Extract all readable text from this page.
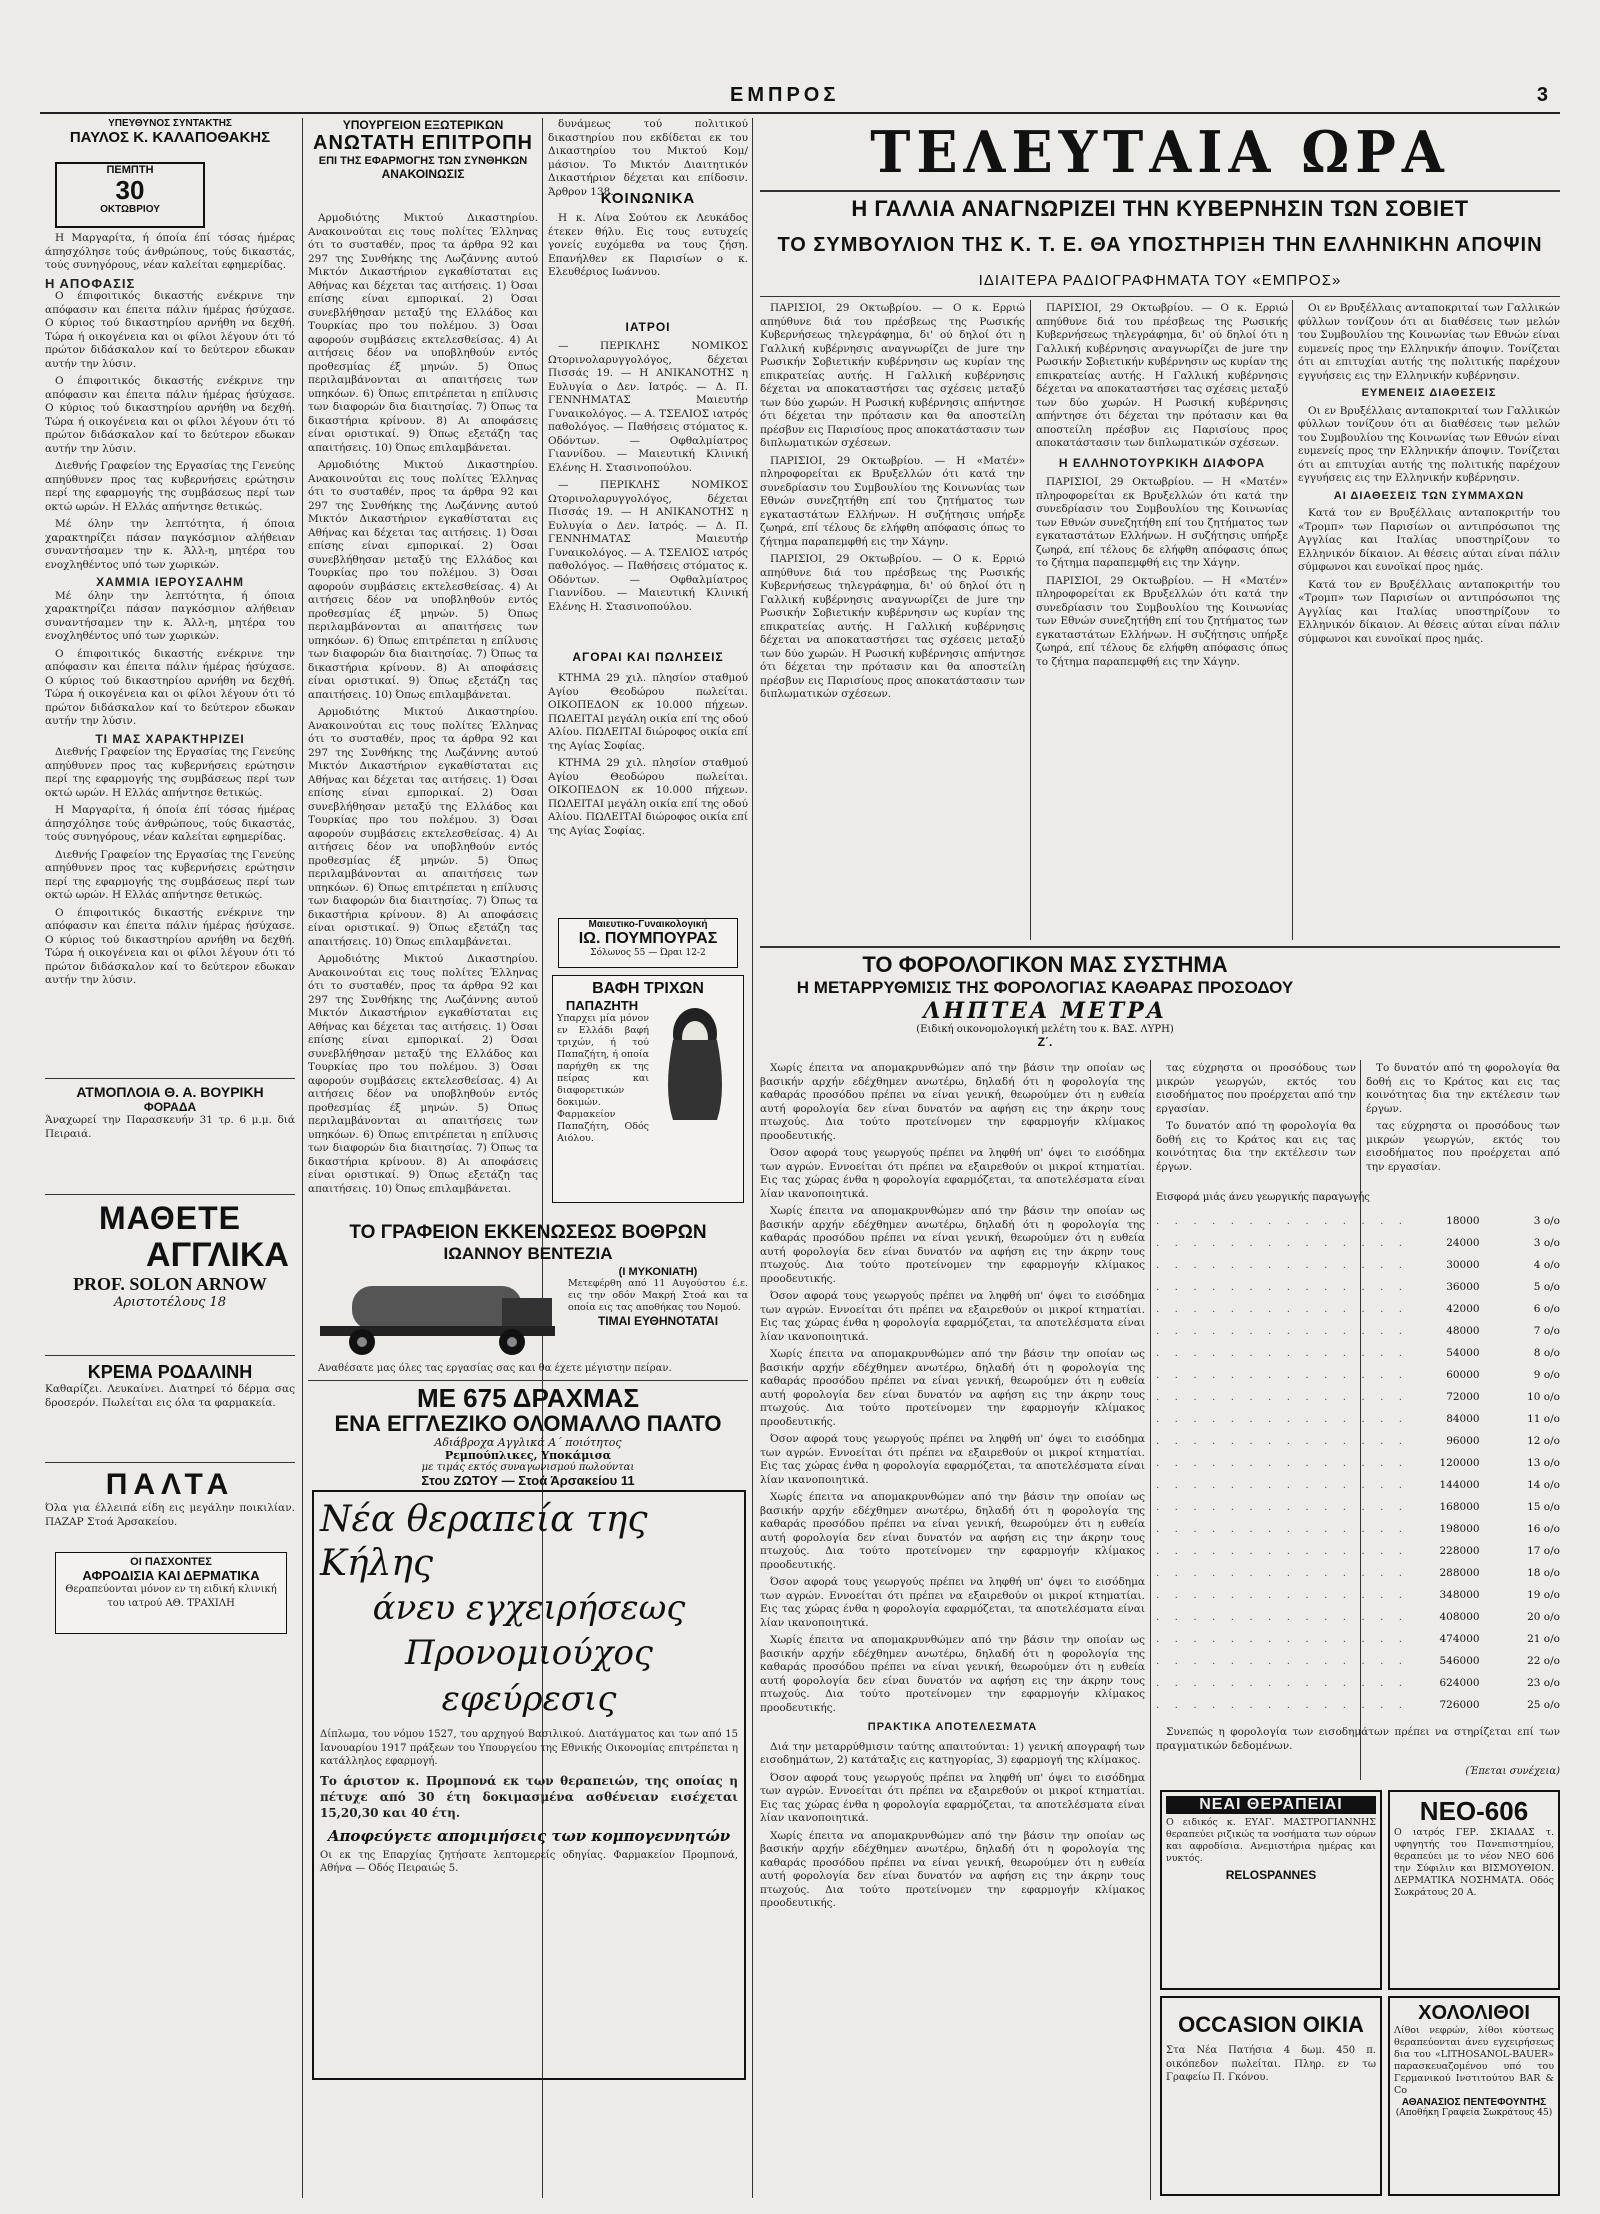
ΕΜΠΡΟΣ	3
ΥΠΕΥΘΥΝΟΣ ΣΥΝΤΑΚΤΗΣ
ΠΑΥΛΟΣ Κ. ΚΑΛΑΠΟΘΑΚΗΣ
ΠΕΜΠΤΗ
30
ΟΚΤΩΒΡΙΟΥ

Η Μαργαρίτα, ή όποία έπί τόσας ήμέρας άπησχόλησε τούς άνθρώπους, τούς δικαστάς, τούς συνηγόρους, νέαν καλείται εφημερίδας.

Η ΑΠΟΦΑΣΙΣ

Ο έπιφοιτικός δικαστής ενέκρινε την απόφασιν και έπειτα πάλιν ήμέρας ήσύχασε. Ο κύριος τού δικαστηρίου αρνήθη να δεχθή. Τώρα ή οικογένεια και οι φίλοι λέγουν ότι τό πρώτον διδάσκαλον καί το δεύτερον εδωκαν αυτήν την λύσιν.

Ο έπιφοιτικός δικαστής ενέκρινε την απόφασιν και έπειτα πάλιν ήμέρας ήσύχασε. Ο κύριος τού δικαστηρίου αρνήθη να δεχθή. Τώρα ή οικογένεια και οι φίλοι λέγουν ότι τό πρώτον διδάσκαλον καί το δεύτερον εδωκαν αυτήν την λύσιν.

Διεθνής Γραφείον της Εργασίας της Γενεύης απηύθυνεν προς τας κυβερνήσεις ερώτησιν περί της εφαρμογής της συμβάσεως περί των οκτώ ωρών. Η Ελλάς απήντησε θετικώς.

Μέ όλην την λεπτότητα, ή όποια χαρακτηρίζει πάσαν παγκόσμιον αλήθειαν συναντήσαμεν την κ. Άλλ-η, μητέρα του ενοχληθέντος υπό των χωρικών.

ΧΑΜΜΙΑ ΙΕΡΟΥΣΑΛΗΜ

Μέ όλην την λεπτότητα, ή όποια χαρακτηρίζει πάσαν παγκόσμιον αλήθειαν συναντήσαμεν την κ. Άλλ-η, μητέρα του ενοχληθέντος υπό των χωρικών.

Ο έπιφοιτικός δικαστής ενέκρινε την απόφασιν και έπειτα πάλιν ήμέρας ήσύχασε. Ο κύριος τού δικαστηρίου αρνήθη να δεχθή. Τώρα ή οικογένεια και οι φίλοι λέγουν ότι τό πρώτον διδάσκαλον καί το δεύτερον εδωκαν αυτήν την λύσιν.

ΤΙ ΜΑΣ ΧΑΡΑΚΤΗΡΙΖΕΙ

Διεθνής Γραφείον της Εργασίας της Γενεύης απηύθυνεν προς τας κυβερνήσεις ερώτησιν περί της εφαρμογής της συμβάσεως περί των οκτώ ωρών. Η Ελλάς απήντησε θετικώς.

Η Μαργαρίτα, ή όποία έπί τόσας ήμέρας άπησχόλησε τούς άνθρώπους, τούς δικαστάς, τούς συνηγόρους, νέαν καλείται εφημερίδας.

Διεθνής Γραφείον της Εργασίας της Γενεύης απηύθυνεν προς τας κυβερνήσεις ερώτησιν περί της εφαρμογής της συμβάσεως περί των οκτώ ωρών. Η Ελλάς απήντησε θετικώς.

Ο έπιφοιτικός δικαστής ενέκρινε την απόφασιν και έπειτα πάλιν ήμέρας ήσύχασε. Ο κύριος τού δικαστηρίου αρνήθη να δεχθή. Τώρα ή οικογένεια και οι φίλοι λέγουν ότι τό πρώτον διδάσκαλον καί το δεύτερον εδωκαν αυτήν την λύσιν.

ΑΤΜΟΠΛΟΙΑ Θ. Α. ΒΟΥΡΙΚΗ
ΦΟΡΑΔΑ
Άναχωρεί την Παρασκευήν 31 τρ. 6 μ.μ. διά Πειραιά.
ΜΑΘΕΤΕ
ΑΓΓΛΙΚΑ
PROF. SOLON ARNOW
Αριστοτέλους 18
ΚΡΕΜΑ ΡΟΔΑΛΙΝΗ
Καθαρίζει. Λευκαίνει. Διατηρεί τό δέρμα σας δροσερόν. Πωλείται εις όλα τα φαρμακεία.
ΠΑΛΤΑ
Όλα για έλλειπά είδη εις μεγάλην ποικιλίαν. ΠΑΖΑΡ Στοά Άρσακείου.
ΟΙ ΠΑΣΧΟΝΤΕΣ
ΑΦΡΟΔΙΣΙΑ ΚΑΙ ΔΕΡΜΑΤΙΚΑ
Θεραπεύονται μόνον εν τη ειδική κλινική του ιατρού ΑΘ. ΤΡΑΧΙΛΗ
ΥΠΟΥΡΓΕΙΟΝ ΕΞΩΤΕΡΙΚΩΝ
ΑΝΩΤΑΤΗ ΕΠΙΤΡΟΠΗ
ΕΠΙ ΤΗΣ ΕΦΑΡΜΟΓΗΣ ΤΩΝ ΣΥΝΘΗΚΩΝ
ΑΝΑΚΟΙΝΩΣΙΣ

Αρμοδιότης Μικτού Δικαστηρίου. Ανακοινούται εις τους πολίτες Έλληνας ότι το συσταθέν, προς τα άρθρα 92 και 297 της Συνθήκης της Λωζάννης αυτού Μικτόν Δικαστήριον εγκαθίσταται εις Αθήνας και δέχεται τας αιτήσεις. 1) Όσαι επίσης είναι εμπορικαί. 2) Όσαι συνεβλήθησαν μεταξύ της Ελλάδος και Τουρκίας προ του πολέμου. 3) Όσαι αφορούν συμβάσεις εκτελεσθείσας. 4) Αι αιτήσεις δέον να υποβληθούν εντός προθεσμίας έξ μηνών. 5) Όπως περιλαμβάνονται αι απαιτήσεις των υπηκόων. 6) Όπως επιτρέπεται η επίλυσις των διαφορών δια διαιτησίας. 7) Όπως τα δικαστήρια κρίνουν. 8) Αι αποφάσεις είναι οριστικαί. 9) Όπως εξετάζη τας απαιτήσεις. 10) Όπως επιλαμβάνεται.

Αρμοδιότης Μικτού Δικαστηρίου. Ανακοινούται εις τους πολίτες Έλληνας ότι το συσταθέν, προς τα άρθρα 92 και 297 της Συνθήκης της Λωζάννης αυτού Μικτόν Δικαστήριον εγκαθίσταται εις Αθήνας και δέχεται τας αιτήσεις. 1) Όσαι επίσης είναι εμπορικαί. 2) Όσαι συνεβλήθησαν μεταξύ της Ελλάδος και Τουρκίας προ του πολέμου. 3) Όσαι αφορούν συμβάσεις εκτελεσθείσας. 4) Αι αιτήσεις δέον να υποβληθούν εντός προθεσμίας έξ μηνών. 5) Όπως περιλαμβάνονται αι απαιτήσεις των υπηκόων. 6) Όπως επιτρέπεται η επίλυσις των διαφορών δια διαιτησίας. 7) Όπως τα δικαστήρια κρίνουν. 8) Αι αποφάσεις είναι οριστικαί. 9) Όπως εξετάζη τας απαιτήσεις. 10) Όπως επιλαμβάνεται.

Αρμοδιότης Μικτού Δικαστηρίου. Ανακοινούται εις τους πολίτες Έλληνας ότι το συσταθέν, προς τα άρθρα 92 και 297 της Συνθήκης της Λωζάννης αυτού Μικτόν Δικαστήριον εγκαθίσταται εις Αθήνας και δέχεται τας αιτήσεις. 1) Όσαι επίσης είναι εμπορικαί. 2) Όσαι συνεβλήθησαν μεταξύ της Ελλάδος και Τουρκίας προ του πολέμου. 3) Όσαι αφορούν συμβάσεις εκτελεσθείσας. 4) Αι αιτήσεις δέον να υποβληθούν εντός προθεσμίας έξ μηνών. 5) Όπως περιλαμβάνονται αι απαιτήσεις των υπηκόων. 6) Όπως επιτρέπεται η επίλυσις των διαφορών δια διαιτησίας. 7) Όπως τα δικαστήρια κρίνουν. 8) Αι αποφάσεις είναι οριστικαί. 9) Όπως εξετάζη τας απαιτήσεις. 10) Όπως επιλαμβάνεται.

Αρμοδιότης Μικτού Δικαστηρίου. Ανακοινούται εις τους πολίτες Έλληνας ότι το συσταθέν, προς τα άρθρα 92 και 297 της Συνθήκης της Λωζάννης αυτού Μικτόν Δικαστήριον εγκαθίσταται εις Αθήνας και δέχεται τας αιτήσεις. 1) Όσαι επίσης είναι εμπορικαί. 2) Όσαι συνεβλήθησαν μεταξύ της Ελλάδος και Τουρκίας προ του πολέμου. 3) Όσαι αφορούν συμβάσεις εκτελεσθείσας. 4) Αι αιτήσεις δέον να υποβληθούν εντός προθεσμίας έξ μηνών. 5) Όπως περιλαμβάνονται αι απαιτήσεις των υπηκόων. 6) Όπως επιτρέπεται η επίλυσις των διαφορών δια διαιτησίας. 7) Όπως τα δικαστήρια κρίνουν. 8) Αι αποφάσεις είναι οριστικαί. 9) Όπως εξετάζη τας απαιτήσεις. 10) Όπως επιλαμβάνεται.

δυνάμεως τού πολιτικού δικαστηρίου που εκδίδεται εκ του Δικαστηρίου του Μικτού Κομ/μάσιον. Το Μικτόν Διαιτητικόν Δικαστήριον δέχεται και επίδοσιν. Άρθρον 138.

ΚΟΙΝΩΝΙΚΑ

Η κ. Λίνα Σούτου εκ Λευκάδος έτεκεν θήλυ. Εις τους ευτυχείς γονείς ευχόμεθα να τους ζήση. Επανήλθεν εκ Παρισίων ο κ. Ελευθέριος Ιωάννου.

ΙΑΤΡΟΙ

— ΠΕΡΙΚΛΗΣ ΝΟΜΙΚΟΣ Ωτορινολαρυγγολόγος, δέχεται Πισσάς 19. — Η ΑΝΙΚΑΝΟΤΗΣ η Ευλυγία ο Δεν. Ιατρός. — Δ. Π. ΓΕΝΝΗΜΑΤΑΣ Μαιευτήρ Γυναικολόγος. — Α. ΤΣΕΛΙΟΣ ιατρός παθολόγος. — Παθήσεις στόματος κ. Οδόντων. — Οφθαλμίατρος Γιαννίδου. — Μαιευτική Κλινική Ελένης Η. Στασινοπούλου.

— ΠΕΡΙΚΛΗΣ ΝΟΜΙΚΟΣ Ωτορινολαρυγγολόγος, δέχεται Πισσάς 19. — Η ΑΝΙΚΑΝΟΤΗΣ η Ευλυγία ο Δεν. Ιατρός. — Δ. Π. ΓΕΝΝΗΜΑΤΑΣ Μαιευτήρ Γυναικολόγος. — Α. ΤΣΕΛΙΟΣ ιατρός παθολόγος. — Παθήσεις στόματος κ. Οδόντων. — Οφθαλμίατρος Γιαννίδου. — Μαιευτική Κλινική Ελένης Η. Στασινοπούλου.

ΑΓΟΡΑΙ ΚΑΙ ΠΩΛΗΣΕΙΣ

ΚΤΗΜΑ 29 χιλ. πλησίον σταθμού Αγίου Θεοδώρου πωλείται. ΟΙΚΟΠΕΔΟΝ εκ 10.000 πήχεων. ΠΩΛΕΙΤΑΙ μεγάλη οικία επί της οδού Αλίου. ΠΩΛΕΙΤΑΙ διώροφος οικία επί της Αγίας Σοφίας.

ΚΤΗΜΑ 29 χιλ. πλησίον σταθμού Αγίου Θεοδώρου πωλείται. ΟΙΚΟΠΕΔΟΝ εκ 10.000 πήχεων. ΠΩΛΕΙΤΑΙ μεγάλη οικία επί της οδού Αλίου. ΠΩΛΕΙΤΑΙ διώροφος οικία επί της Αγίας Σοφίας.

Μαιευτικο-Γυναικολογική
ΙΩ. ΠΟΥΜΠΟΥΡΑΣ
Σόλωνος 55 — Ώραι 12-2
ΒΑΦΗ ΤΡΙΧΩΝ
ΠΑΠΑΖΗΤΗ
Υπαρχει μία μόνον εν Ελλάδι βαφή τριχών, ή τού Παπαζήτη, ή οποία παρήχθη εκ της πείρας και διαφορετικών δοκιμών. Φαρμακείον Παπαζήτη, Οδός Αιόλου.
ΤΟ ΓΡΑΦΕΙΟΝ ΕΚΚΕΝΩΣΕΩΣ ΒΟΘΡΩΝ
ΙΩΑΝΝΟΥ ΒΕΝΤΕΖΙΑ
(Ι ΜΥΚΟΝΙΑΤΗ)
Μετεφέρθη από 11 Αυγούστου έ.ε. εις την οδόν Μακρή Στοά και τα οποία εις τας αποθήκας του Νομού.
ΤΙΜΑΙ ΕΥΘΗΝΟΤΑΤΑΙ
Αναθέσατε μας όλες τας εργασίας σας και θα έχετε μέγιστην πείραν.
ΜΕ 675 ΔΡΑΧΜΑΣ
ΕΝΑ ΕΓΓΛΕΖΙΚΟ ΟΛΟΜΑΛΛΟ ΠΑΛΤΟ
Αδιάβροχα Αγγλικά Α΄ ποιότητος
Ρεμπούπλικες, Υποκάμισα
με τιμάς εκτός συναγωνισμού πωλούνται
Στου ΖΩΤΟΥ — Στοά Άρσακείου 11
Νέα θεραπεία της Κήλης
άνευ εγχειρήσεως
Προνομιούχος εφεύρεσις
Δίπλωμα, του νόμου 1527, του αρχηγού Βασιλικού. Διατάγματος και των από 15 Ιανουαρίου 1917 πράξεων του Υπουργείου της Εθνικής Οικονομίας επιτρέπεται η κατάλληλος εφαρμογή.
Το άριστον κ. Προμπονά εκ των θεραπειών, της οποίας η πέτυχε από 30 έτη δοκιμασμένα ασθένειαν εισέχεται 15,20,30 και 40 έτη.
Αποφεύγετε απομιμήσεις των κομπογεννητών
Οι εκ της Επαρχίας ζητήσατε λεπτομερείς οδηγίας. Φαρμακείον Προμπονά, Αθήνα — Οδός Πειραιώς 5.
ΤΕΛΕΥΤΑΙΑ ΩΡΑ
Η ΓΑΛΛΙΑ ΑΝΑΓΝΩΡΙΖΕΙ ΤΗΝ ΚΥΒΕΡΝΗΣΙΝ ΤΩΝ ΣΟΒΙΕΤ
ΤΟ ΣΥΜΒΟΥΛΙΟΝ ΤΗΣ Κ. Τ. Ε. ΘΑ ΥΠΟΣΤΗΡΙΞΗ ΤΗΝ ΕΛΛΗΝΙΚΗΝ ΑΠΟΨΙΝ
ΙΔΙΑΙΤΕΡΑ ΡΑΔΙΟΓΡΑΦΗΜΑΤΑ ΤΟΥ «ΕΜΠΡΟΣ»

ΠΑΡΙΣΙΟΙ, 29 Οκτωβρίου. — Ο κ. Ερριώ απηύθυνε διά του πρέσβεως της Ρωσικής Κυβερνήσεως τηλεγράφημα, δι' ού δηλοί ότι η Γαλλική κυβέρνησις αναγνωρίζει de jure την Ρωσικήν Σοβιετικήν κυβέρνησιν ως κυρίαν της επικρατείας αυτής. Η Γαλλική κυβέρνησις δέχεται να αποκαταστήσει τας σχέσεις μεταξύ των δύο χωρών. Η Ρωσική κυβέρνησις απήντησε ότι δέχεται την πρότασιν και θα αποστείλη πρέσβυν εις Παρισίους προς αποκατάστασιν των διπλωματικών σχέσεων.

ΠΑΡΙΣΙΟΙ, 29 Οκτωβρίου. — Η «Ματέν» πληροφορείται εκ Βρυξελλών ότι κατά την συνεδρίασιν του Συμβουλίου της Κοινωνίας των Εθνών συνεζητήθη επί του ζητήματος των εγκαταστάτων Ελλήνων. Η συζήτησις υπήρξε ζωηρά, επί τέλους δε ελήφθη απόφασις όπως το ζήτημα παραπεμφθή εις την Χάγην.

ΠΑΡΙΣΙΟΙ, 29 Οκτωβρίου. — Ο κ. Ερριώ απηύθυνε διά του πρέσβεως της Ρωσικής Κυβερνήσεως τηλεγράφημα, δι' ού δηλοί ότι η Γαλλική κυβέρνησις αναγνωρίζει de jure την Ρωσικήν Σοβιετικήν κυβέρνησιν ως κυρίαν της επικρατείας αυτής. Η Γαλλική κυβέρνησις δέχεται να αποκαταστήσει τας σχέσεις μεταξύ των δύο χωρών. Η Ρωσική κυβέρνησις απήντησε ότι δέχεται την πρότασιν και θα αποστείλη πρέσβυν εις Παρισίους προς αποκατάστασιν των διπλωματικών σχέσεων.

ΠΑΡΙΣΙΟΙ, 29 Οκτωβρίου. — Ο κ. Ερριώ απηύθυνε διά του πρέσβεως της Ρωσικής Κυβερνήσεως τηλεγράφημα, δι' ού δηλοί ότι η Γαλλική κυβέρνησις αναγνωρίζει de jure την Ρωσικήν Σοβιετικήν κυβέρνησιν ως κυρίαν της επικρατείας αυτής. Η Γαλλική κυβέρνησις δέχεται να αποκαταστήσει τας σχέσεις μεταξύ των δύο χωρών. Η Ρωσική κυβέρνησις απήντησε ότι δέχεται την πρότασιν και θα αποστείλη πρέσβυν εις Παρισίους προς αποκατάστασιν των διπλωματικών σχέσεων.

Η ΕΛΛΗΝΟΤΟΥΡΚΙΚΗ ΔΙΑΦΟΡΑ

ΠΑΡΙΣΙΟΙ, 29 Οκτωβρίου. — Η «Ματέν» πληροφορείται εκ Βρυξελλών ότι κατά την συνεδρίασιν του Συμβουλίου της Κοινωνίας των Εθνών συνεζητήθη επί του ζητήματος των εγκαταστάτων Ελλήνων. Η συζήτησις υπήρξε ζωηρά, επί τέλους δε ελήφθη απόφασις όπως το ζήτημα παραπεμφθή εις την Χάγην.

ΠΑΡΙΣΙΟΙ, 29 Οκτωβρίου. — Η «Ματέν» πληροφορείται εκ Βρυξελλών ότι κατά την συνεδρίασιν του Συμβουλίου της Κοινωνίας των Εθνών συνεζητήθη επί του ζητήματος των εγκαταστάτων Ελλήνων. Η συζήτησις υπήρξε ζωηρά, επί τέλους δε ελήφθη απόφασις όπως το ζήτημα παραπεμφθή εις την Χάγην.

Οι εν Βρυξέλλαις ανταποκριταί των Γαλλικών φύλλων τονίζουν ότι αι διαθέσεις των μελών του Συμβουλίου της Κοινωνίας των Εθνών είναι ευμενείς προς την Ελληνικήν άποψιν. Τονίζεται ότι αι επιτυχίαι αυτής της πολιτικής παρέχουν εγγυήσεις εις την Ελληνικήν κυβέρνησιν.

ΕΥΜΕΝΕΙΣ ΔΙΑΘΕΣΕΙΣ

Οι εν Βρυξέλλαις ανταποκριταί των Γαλλικών φύλλων τονίζουν ότι αι διαθέσεις των μελών του Συμβουλίου της Κοινωνίας των Εθνών είναι ευμενείς προς την Ελληνικήν άποψιν. Τονίζεται ότι αι επιτυχίαι αυτής της πολιτικής παρέχουν εγγυήσεις εις την Ελληνικήν κυβέρνησιν.

ΑΙ ΔΙΑΘΕΣΕΙΣ ΤΩΝ ΣΥΜΜΑΧΩΝ

Κατά τον εν Βρυξέλλαις ανταποκριτήν του «Τρομπ» των Παρισίων οι αντιπρόσωποι της Αγγλίας και Ιταλίας υποστηρίζουν το Ελληνικόν δίκαιον. Αι θέσεις αύται είναι πάλιν σύμφωνοι και ευνοϊκαί προς ημάς.

Κατά τον εν Βρυξέλλαις ανταποκριτήν του «Τρομπ» των Παρισίων οι αντιπρόσωποι της Αγγλίας και Ιταλίας υποστηρίζουν το Ελληνικόν δίκαιον. Αι θέσεις αύται είναι πάλιν σύμφωνοι και ευνοϊκαί προς ημάς.

ΤΟ ΦΟΡΟΛΟΓΙΚΟΝ ΜΑΣ ΣΥΣΤΗΜΑ
Η ΜΕΤΑΡΡΥΘΜΙΣΙΣ ΤΗΣ ΦΟΡΟΛΟΓΙΑΣ ΚΑΘΑΡΑΣ ΠΡΟΣΟΔΟΥ
ΛΗΠΤΕΑ ΜΕΤΡΑ
(Ειδική οικονομολογική μελέτη του κ. ΒΑΣ. ΛΥΡΗ)
Ζ΄.

Χωρίς έπειτα να απομακρυνθώμεν από την βάσιν την οποίαν ως βασικήν αρχήν εδέχθημεν ανωτέρω, δηλαδή ότι η φορολογία της καθαράς προσόδου πρέπει να είναι γενική, θεωρούμεν ότι η ευθεία αυτή φορολογία δεν είναι δυνατόν να αφήση εις την άκρην τους πτωχούς. Δια τούτο προτείνομεν την εφαρμογήν κλίμακος προοδευτικής.

Όσον αφορά τους γεωργούς πρέπει να ληφθή υπ' όψει το εισόδημα των αγρών. Εννοείται ότι πρέπει να εξαιρεθούν οι μικροί κτηματίαι. Εις τας χώρας ένθα η φορολογία εφαρμόζεται, τα αποτελέσματα είναι λίαν ικανοποιητικά.

Χωρίς έπειτα να απομακρυνθώμεν από την βάσιν την οποίαν ως βασικήν αρχήν εδέχθημεν ανωτέρω, δηλαδή ότι η φορολογία της καθαράς προσόδου πρέπει να είναι γενική, θεωρούμεν ότι η ευθεία αυτή φορολογία δεν είναι δυνατόν να αφήση εις την άκρην τους πτωχούς. Δια τούτο προτείνομεν την εφαρμογήν κλίμακος προοδευτικής.

Όσον αφορά τους γεωργούς πρέπει να ληφθή υπ' όψει το εισόδημα των αγρών. Εννοείται ότι πρέπει να εξαιρεθούν οι μικροί κτηματίαι. Εις τας χώρας ένθα η φορολογία εφαρμόζεται, τα αποτελέσματα είναι λίαν ικανοποιητικά.

Χωρίς έπειτα να απομακρυνθώμεν από την βάσιν την οποίαν ως βασικήν αρχήν εδέχθημεν ανωτέρω, δηλαδή ότι η φορολογία της καθαράς προσόδου πρέπει να είναι γενική, θεωρούμεν ότι η ευθεία αυτή φορολογία δεν είναι δυνατόν να αφήση εις την άκρην τους πτωχούς. Δια τούτο προτείνομεν την εφαρμογήν κλίμακος προοδευτικής.

Όσον αφορά τους γεωργούς πρέπει να ληφθή υπ' όψει το εισόδημα των αγρών. Εννοείται ότι πρέπει να εξαιρεθούν οι μικροί κτηματίαι. Εις τας χώρας ένθα η φορολογία εφαρμόζεται, τα αποτελέσματα είναι λίαν ικανοποιητικά.

Χωρίς έπειτα να απομακρυνθώμεν από την βάσιν την οποίαν ως βασικήν αρχήν εδέχθημεν ανωτέρω, δηλαδή ότι η φορολογία της καθαράς προσόδου πρέπει να είναι γενική, θεωρούμεν ότι η ευθεία αυτή φορολογία δεν είναι δυνατόν να αφήση εις την άκρην τους πτωχούς. Δια τούτο προτείνομεν την εφαρμογήν κλίμακος προοδευτικής.

Όσον αφορά τους γεωργούς πρέπει να ληφθή υπ' όψει το εισόδημα των αγρών. Εννοείται ότι πρέπει να εξαιρεθούν οι μικροί κτηματίαι. Εις τας χώρας ένθα η φορολογία εφαρμόζεται, τα αποτελέσματα είναι λίαν ικανοποιητικά.

Χωρίς έπειτα να απομακρυνθώμεν από την βάσιν την οποίαν ως βασικήν αρχήν εδέχθημεν ανωτέρω, δηλαδή ότι η φορολογία της καθαράς προσόδου πρέπει να είναι γενική, θεωρούμεν ότι η ευθεία αυτή φορολογία δεν είναι δυνατόν να αφήση εις την άκρην τους πτωχούς. Δια τούτο προτείνομεν την εφαρμογήν κλίμακος προοδευτικής.

ΠΡΑΚΤΙΚΑ ΑΠΟΤΕΛΕΣΜΑΤΑ

Διά την μεταρρύθμισιν ταύτης απαιτούνται: 1) γενική απογραφή των εισοδημάτων, 2) κατάταξις εις κατηγορίας, 3) εφαρμογή της κλίμακος.

Όσον αφορά τους γεωργούς πρέπει να ληφθή υπ' όψει το εισόδημα των αγρών. Εννοείται ότι πρέπει να εξαιρεθούν οι μικροί κτηματίαι. Εις τας χώρας ένθα η φορολογία εφαρμόζεται, τα αποτελέσματα είναι λίαν ικανοποιητικά.

Χωρίς έπειτα να απομακρυνθώμεν από την βάσιν την οποίαν ως βασικήν αρχήν εδέχθημεν ανωτέρω, δηλαδή ότι η φορολογία της καθαράς προσόδου πρέπει να είναι γενική, θεωρούμεν ότι η ευθεία αυτή φορολογία δεν είναι δυνατόν να αφήση εις την άκρην τους πτωχούς. Δια τούτο προτείνομεν την εφαρμογήν κλίμακος προοδευτικής.

τας εύχρηστα οι προσόδους των μικρών γεωργών, εκτός του εισοδήματος που προέρχεται από την εργασίαν.

Το δυνατόν από τη φορολογία θα δοθή εις το Κράτος και εις τας κοινότητας δια την εκτέλεσιν των έργων.

Το δυνατόν από τη φορολογία θα δοθή εις το Κράτος και εις τας κοινότητας δια την εκτέλεσιν των έργων.

τας εύχρηστα οι προσόδους των μικρών γεωργών, εκτός του εισοδήματος που προέρχεται από την εργασίαν.

Εισφορά μιάς άνευ γεωργικής παραγωγής
. . . . . . . . . . . . . .	18000	3 ο/ο
. . . . . . . . . . . . . .	24000	3 ο/ο
. . . . . . . . . . . . . .	30000	4 ο/ο
. . . . . . . . . . . . . .	36000	5 ο/ο
. . . . . . . . . . . . . .	42000	6 ο/ο
. . . . . . . . . . . . . .	48000	7 ο/ο
. . . . . . . . . . . . . .	54000	8 ο/ο
. . . . . . . . . . . . . .	60000	9 ο/ο
. . . . . . . . . . . . . .	72000	10 ο/ο
. . . . . . . . . . . . . .	84000	11 ο/ο
. . . . . . . . . . . . . .	96000	12 ο/ο
. . . . . . . . . . . . . .	120000	13 ο/ο
. . . . . . . . . . . . . .	144000	14 ο/ο
. . . . . . . . . . . . . .	168000	15 ο/ο
. . . . . . . . . . . . . .	198000	16 ο/ο
. . . . . . . . . . . . . .	228000	17 ο/ο
. . . . . . . . . . . . . .	288000	18 ο/ο
. . . . . . . . . . . . . .	348000	19 ο/ο
. . . . . . . . . . . . . .	408000	20 ο/ο
. . . . . . . . . . . . . .	474000	21 ο/ο
. . . . . . . . . . . . . .	546000	22 ο/ο
. . . . . . . . . . . . . .	624000	23 ο/ο
. . . . . . . . . . . . . .	726000	25 ο/ο

Συνεπώς η φορολογία των εισοδημάτων πρέπει να στηρίζεται επί των πραγματικών δεδομένων.

(Έπεται συνέχεια)
ΝΕΑΙ ΘΕΡΑΠΕΙΑΙ
Ο ειδικός κ. ΕΥΑΓ. ΜΑΣΤΡΟΓΙΑΝΝΗΣ θεραπεύει ριζικώς τα νοσήματα των ούρων και αφροδίσια. Ανεμιστήρια ημέρας και νυκτός.
RELOSPANNES
ΝΕΟ-606
Ο ιατρός ΓΕΡ. ΣΚΙΑΔΑΣ τ. υφηγητής του Πανεπιστημίου, θεραπεύει με το νέον ΝΕΟ 606 την Σύφιλιν και ΒΙΣΜΟΥΘΙΟΝ. ΔΕΡΜΑΤΙΚΑ ΝΟΣΗΜΑΤΑ. Οδός Σωκράτους 20 Α.
OCCASION ΟΙΚΙΑ
Στα Νέα Πατήσια 4 δωμ. 450 π. οικόπεδον πωλείται. Πληρ. εν τω Γραφείω Π. Γκόνου.
ΧΟΛΟΛΙΘΟΙ
Λίθοι νεφρών, λίθοι κύστεως θεραπεύονται άνευ εγχειρήσεως δια του «LITHOSANOL-BAUER» παρασκευαζομένου υπό του Γερμανικού Ινστιτούτου BAR & Co
ΑΘΑΝΑΣΙΟΣ ΠΕΝΤΕΦΟΥΝΤΗΣ
(Αποθήκη Γραφεία Σωκράτους 45)
